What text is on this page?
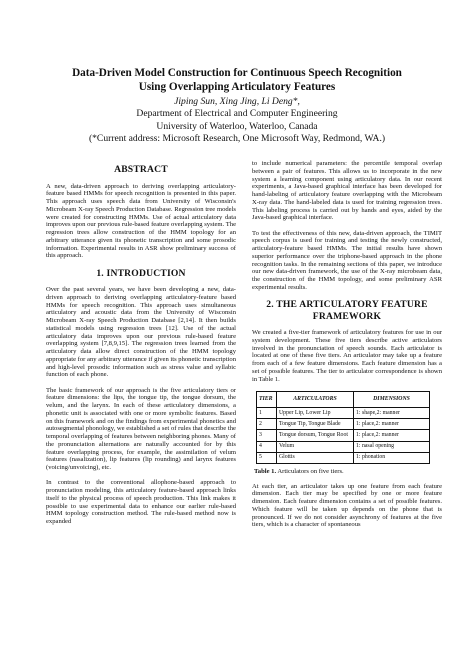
Data-Driven Model Construction for Continuous Speech Recognition
Using Overlapping Articulatory Features
Jiping Sun, Xing Jing, Li Deng*,
Department of Electrical and Computer Engineering
University of Waterloo, Waterloo, Canada
(*Current address: Microsoft Research, One Microsoft Way, Redmond, WA.)
ABSTRACT

A new, data-driven approach to deriving overlapping articulatory-feature based HMMs for speech recognition is presented in this paper. This approach uses speech data from University of Wisconsin's Microbeam X-ray Speech Production Database. Regression tree models were created for constructing HMMs. Use of actual articulatory data improves upon our previous rule-based feature overlapping system. The regression trees allow construction of the HMM topology for an arbitrary utterance given its phonetic transcription and some prosodic information. Experimental results in ASR show preliminary success of this approach.

1. INTRODUCTION

Over the past several years, we have been developing a new, data-driven approach to deriving overlapping articulatory-feature based HMMs for speech recognition. This approach uses simultaneous articulatory and acoustic data from the University of Wisconsin Microbeam X-ray Speech Production Database [2,14]. It then builds statistical models using regression trees [12]. Use of the actual articulatory data improves upon our previous rule-based feature overlapping system [7,8,9,15]. The regression trees learned from the articulatory data allow direct construction of the HMM topology appropriate for any arbitrary utterance if given its phonetic transcription and high-level prosodic information such as stress value and syllabic function of each phone.

The basic framework of our approach is the five articulatory tiers or feature dimensions: the lips, the tongue tip, the tongue dorsum, the velum, and the larynx. In each of these articulatory dimensions, a phonetic unit is associated with one or more symbolic features. Based on this framework and on the findings from experimental phonetics and autosegmental phonology, we established a set of rules that describe the temporal overlapping of features between neighboring phones. Many of the pronunciation alternations are naturally accounted for by this feature overlapping process, for example, the assimilation of velum features (nasalization), lip features (lip rounding) and larynx features (voicing/unvoicing), etc.

In contrast to the conventional allophone-based approach to pronunciation modeling, this articulatory feature-based approach links itself to the physical process of speech production. This link makes it possible to use experimental data to enhance our earlier rule-based HMM topology construction method. The rule-based method now is expanded

to include numerical parameters: the percentile temporal overlap between a pair of features. This allows us to incorporate in the new system a learning component using articulatory data. In our recent experiments, a Java-based graphical interface has been developed for hand-labeling of articulatory feature overlapping with the Microbeam X-ray data. The hand-labeled data is used for training regression trees. This labeling process is carried out by hands and eyes, aided by the Java-based graphical interface.

To test the effectiveness of this new, data-driven approach, the TIMIT speech corpus is used for training and testing the newly constructed, articulatory-feature based HMMs. The initial results have shown superior performance over the triphone-based approach in the phone recognition tasks. In the remaining sections of this paper, we introduce our new data-driven framework, the use of the X-ray microbeam data, the construction of the HMM topology, and some preliminary ASR experimental results.

2. THE ARTICULATORY FEATURE FRAMEWORK

We created a five-tier framework of articulatory features for use in our system development. These five tiers describe active articulators involved in the pronunciation of speech sounds. Each articulator is located at one of these five tiers. An articulator may take up a feature from each of a few feature dimensions. Each feature dimension has a set of possible features. The tier to articulator correspondence is shown in Table 1.

TIER	ARTICULATORS	DIMENSIONS
1	Upper Lip, Lower Lip	1: shape,2: manner
2	Tongue Tip, Tongue Blade	1: place,2: manner
3	Tongue dorsum, Tongue Root	1: place,2: manner
4	Velum	1: nasal opening
5	Glottis	1: phonation
Table 1. Articulators on five tiers.

At each tier, an articulator takes up one feature from each feature dimension. Each tier may be specified by one or more feature dimension. Each feature dimension contains a set of possible features. Which feature will be taken up depends on the phone that is pronounced. If we do not consider asynchrony of features at the five tiers, which is a character of spontaneous
